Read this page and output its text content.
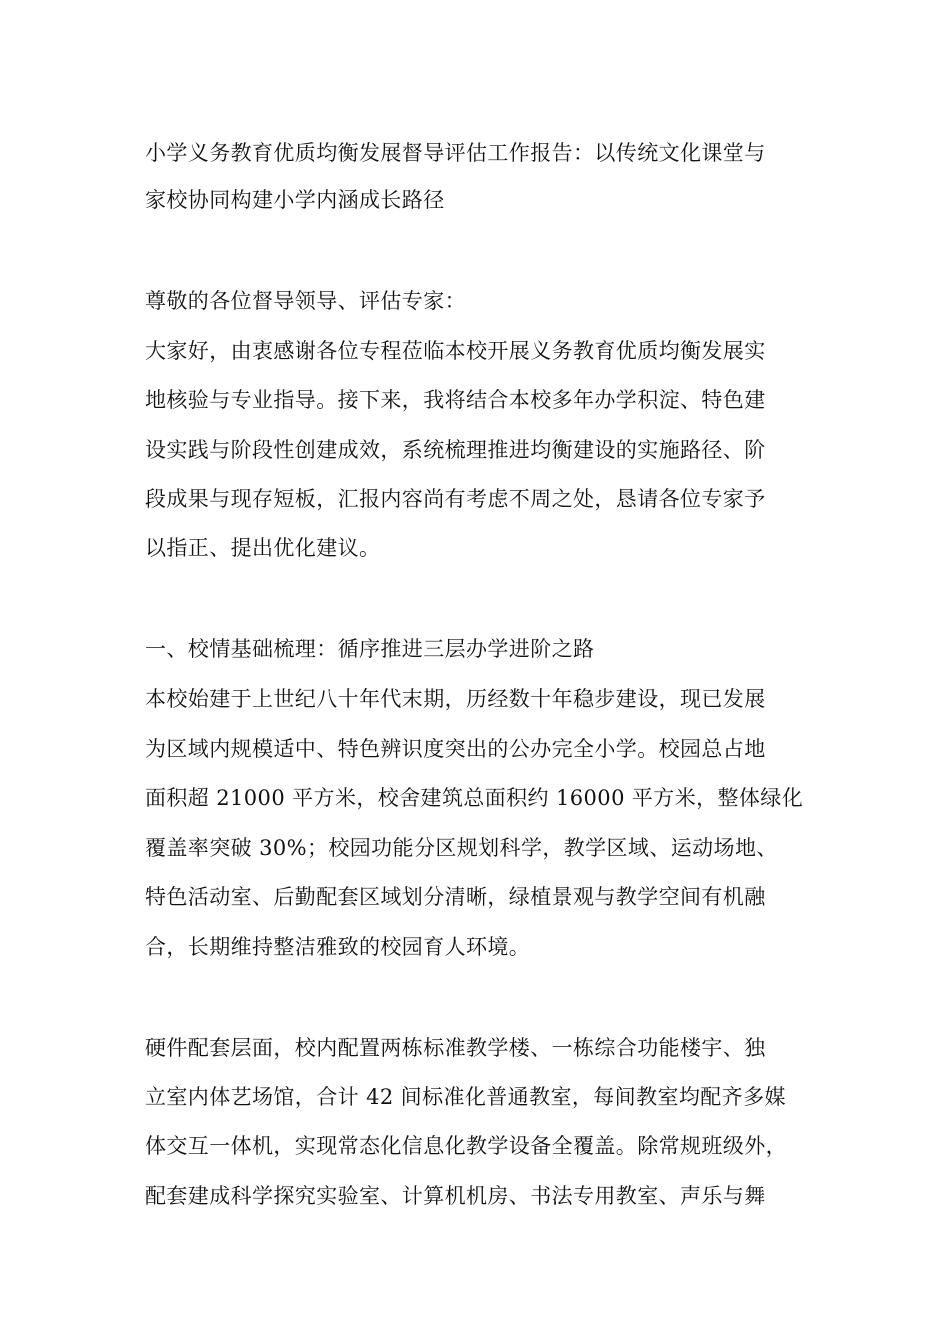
小学义务教育优质均衡发展督导评估工作报告：以传统文化课堂与
家校协同构建小学内涵成长路径
尊敬的各位督导领导、评估专家：
大家好，由衷感谢各位专程莅临本校开展义务教育优质均衡发展实
地核验与专业指导。接下来，我将结合本校多年办学积淀、特色建
设实践与阶段性创建成效，系统梳理推进均衡建设的实施路径、阶
段成果与现存短板，汇报内容尚有考虑不周之处，恳请各位专家予
以指正、提出优化建议。
一、校情基础梳理：循序推进三层办学进阶之路
本校始建于上世纪八十年代末期，历经数十年稳步建设，现已发展
为区域内规模适中、特色辨识度突出的公办完全小学。校园总占地
面积超 21000 平方米，校舍建筑总面积约 16000 平方米，整体绿化
覆盖率突破 30%；校园功能分区规划科学，教学区域、运动场地、
特色活动室、后勤配套区域划分清晰，绿植景观与教学空间有机融
合，长期维持整洁雅致的校园育人环境。
硬件配套层面，校内配置两栋标准教学楼、一栋综合功能楼宇、独
立室内体艺场馆，合计 42 间标准化普通教室，每间教室均配齐多媒
体交互一体机，实现常态化信息化教学设备全覆盖。除常规班级外，
配套建成科学探究实验室、计算机机房、书法专用教室、声乐与舞
